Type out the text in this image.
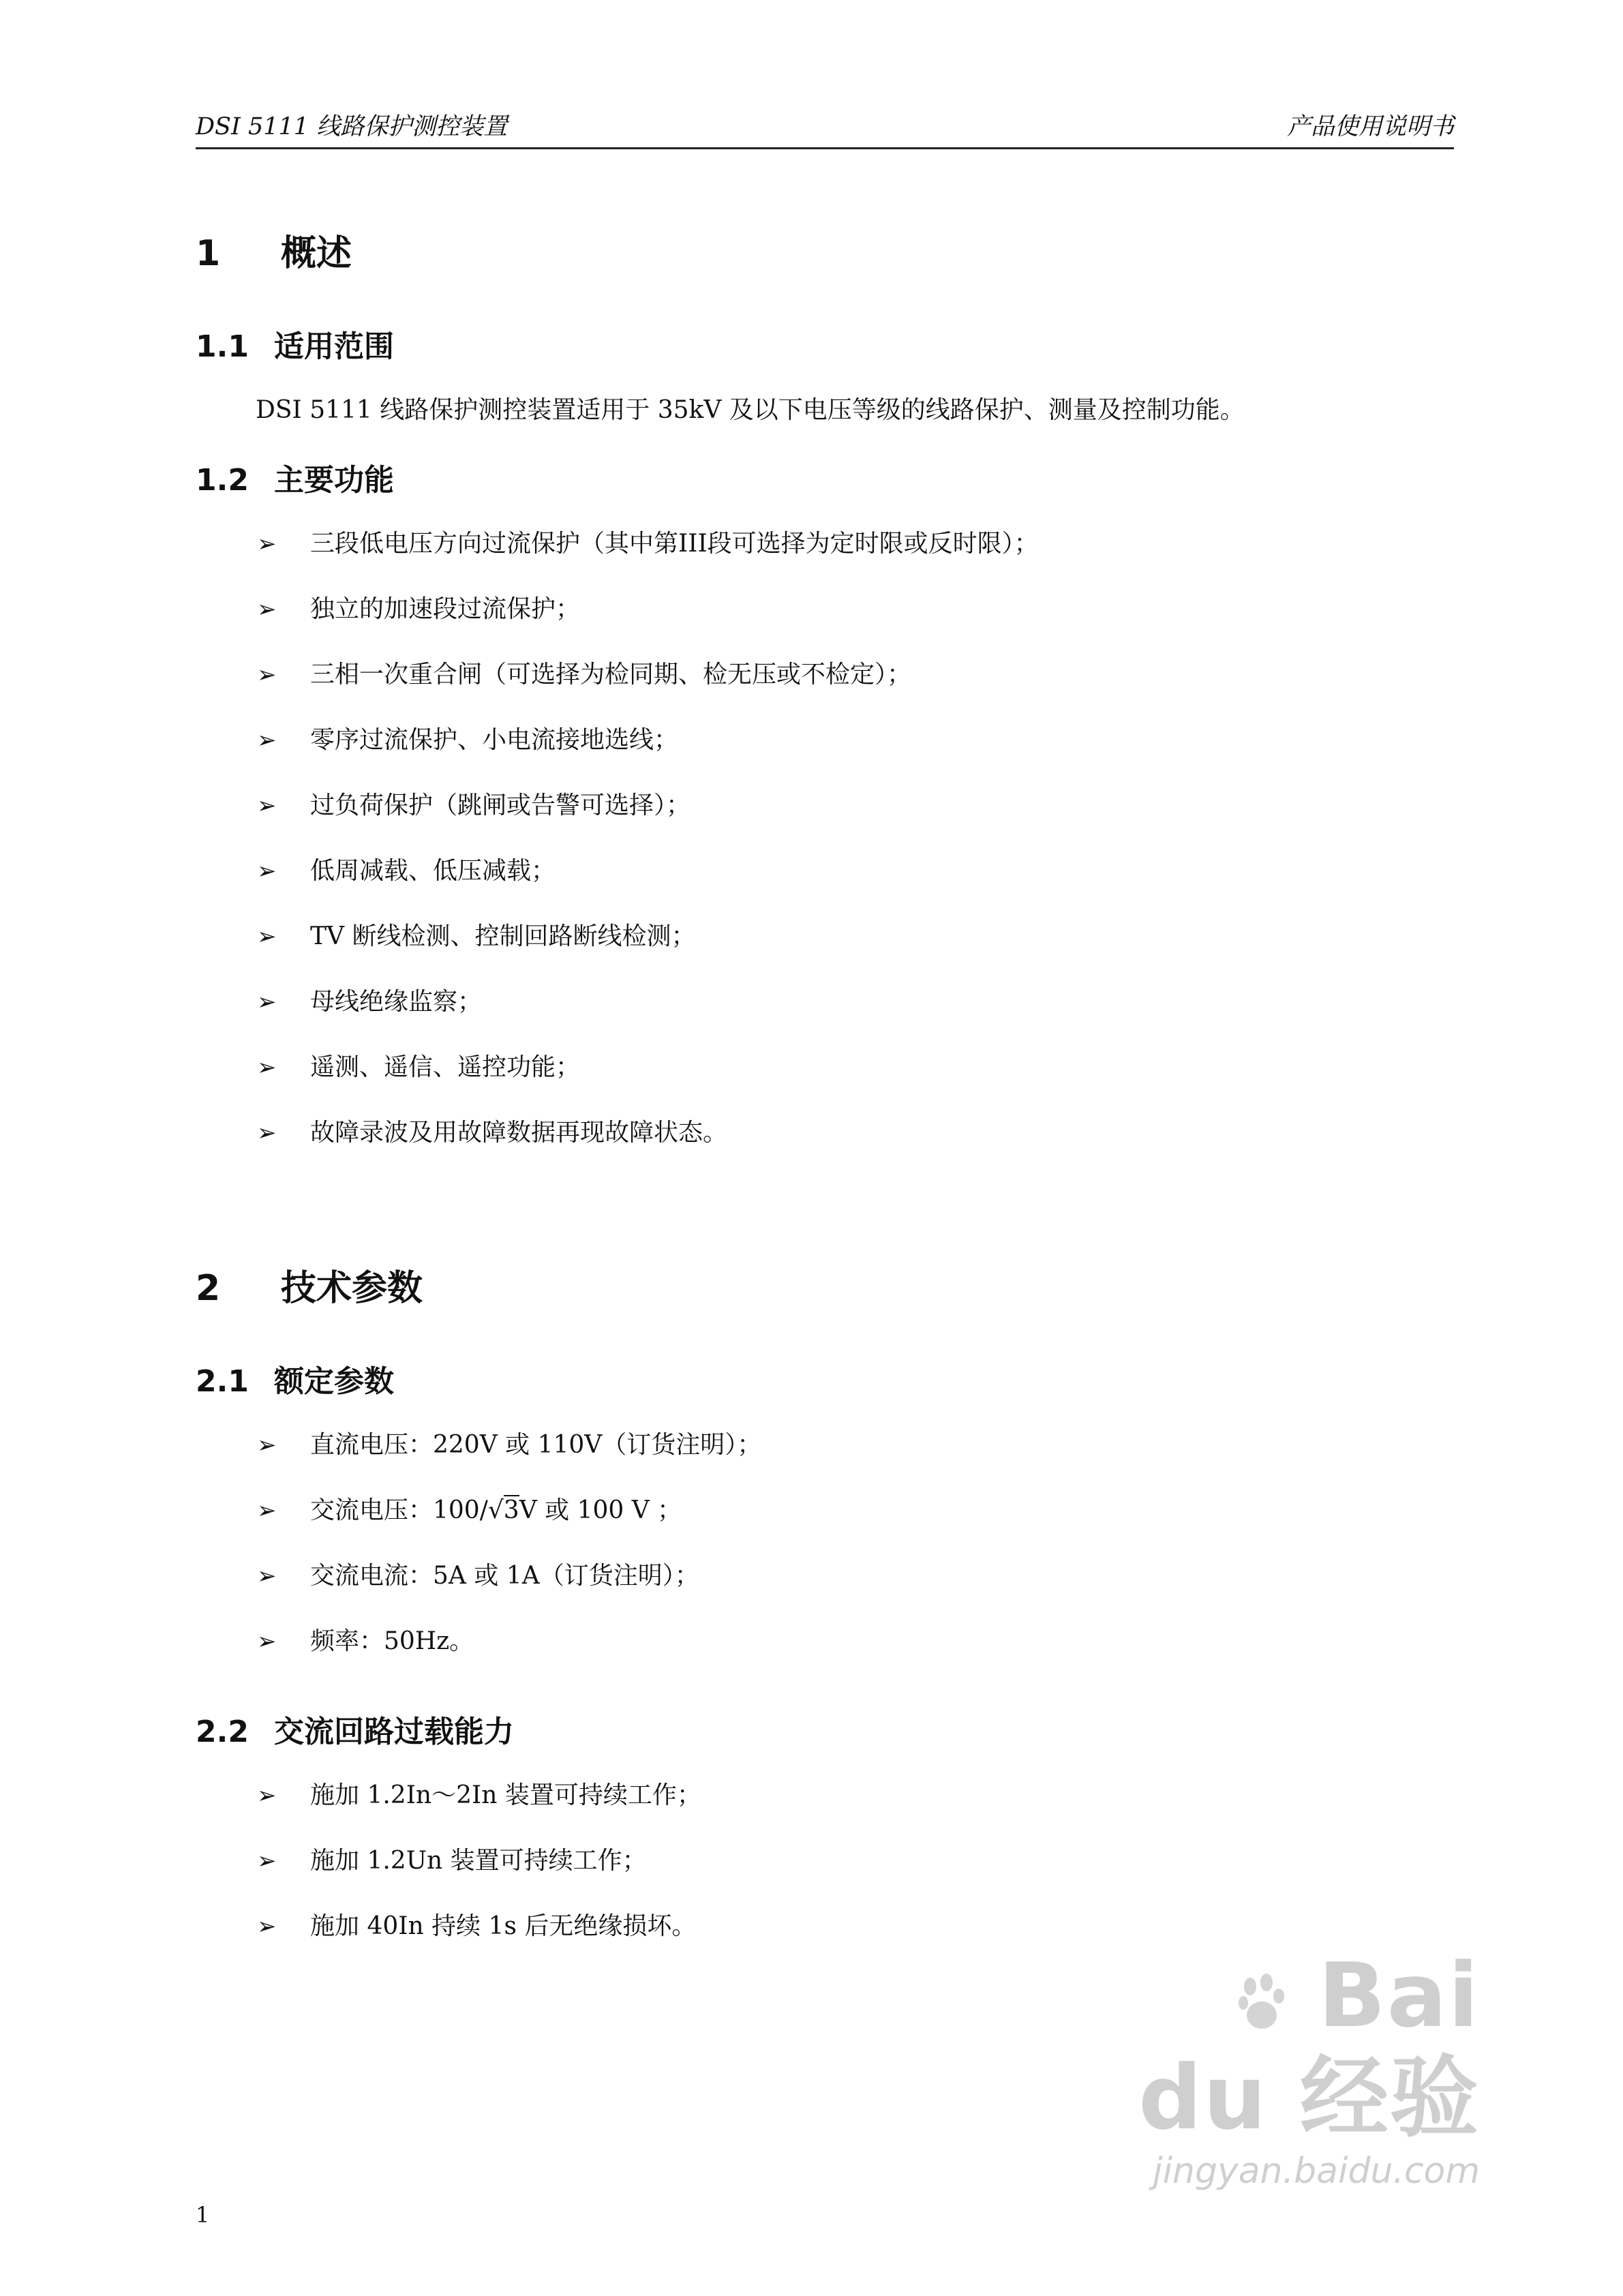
DSI 5111 线路保护测控装置	产品使用说明书
1 概述
1.1 适用范围

DSI 5111 线路保护测控装置适用于 35kV 及以下电压等级的线路保护、测量及控制功能。

1.2 主要功能
➢ 三段低电压方向过流保护（其中第III段可选择为定时限或反时限）；
➢ 独立的加速段过流保护；
➢ 三相一次重合闸（可选择为检同期、检无压或不检定）；
➢ 零序过流保护、小电流接地选线；
➢ 过负荷保护（跳闸或告警可选择）；
➢ 低周减载、低压减载；
➢ TV 断线检测、控制回路断线检测；
➢ 母线绝缘监察；
➢ 遥测、遥信、遥控功能；
➢ 故障录波及用故障数据再现故障状态。
2 技术参数
2.1 额定参数
➢ 直流电压：220V 或 110V（订货注明）；
➢ 交流电压：100/√3V 或 100 V ；
➢ 交流电流：5A 或 1A（订货注明）；
➢ 频率：50Hz。
2.2 交流回路过载能力
➢ 施加 1.2In～2In 装置可持续工作；
➢ 施加 1.2Un 装置可持续工作；
➢ 施加 40In 持续 1s 后无绝缘损坏。
1
Bai du 经验
jingyan.baidu.com
